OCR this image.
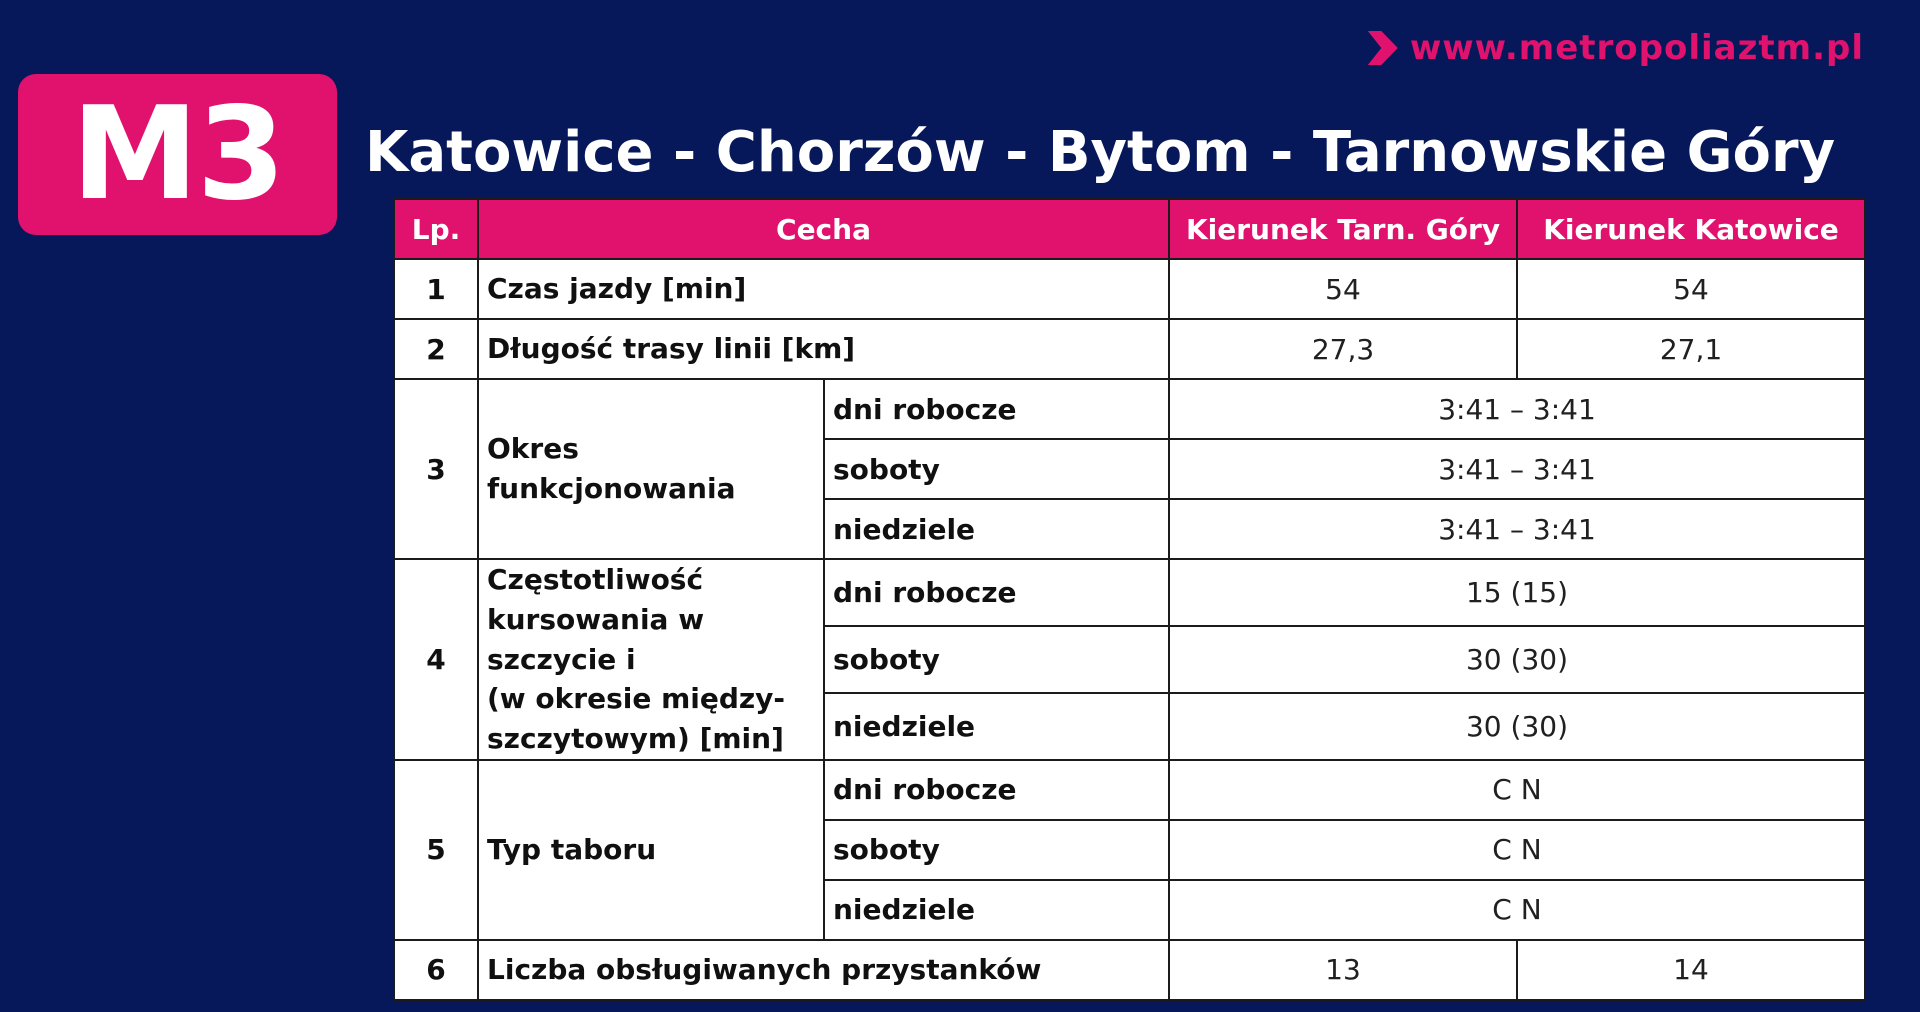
www.metropoliaztm.pl
M3	Katowice - Chorzów - Bytom - Tarnowskie Góry
Lp.	Cecha		Kierunek Tarn. Góry	Kierunek Katowice
1	Czas jazdy [min]		54	54
2	Długość trasy linii [km]		27,3	27,1
3	Okres funkcjonowania	dni robocze	3:41 – 3:41	
		soboty	3:41 – 3:41	
		niedziele	3:41 – 3:41	
4	Częstotliwość
kursowania w szczycie i
(w okresie między-
szczytowym) [min]	dni robocze	15 (15)	
		soboty	30 (30)	
		niedziele	30 (30)	
5	Typ taboru	dni robocze	C N	
		soboty	C N	
		niedziele	C N	
6	Liczba obsługiwanych przystanków		13	14
